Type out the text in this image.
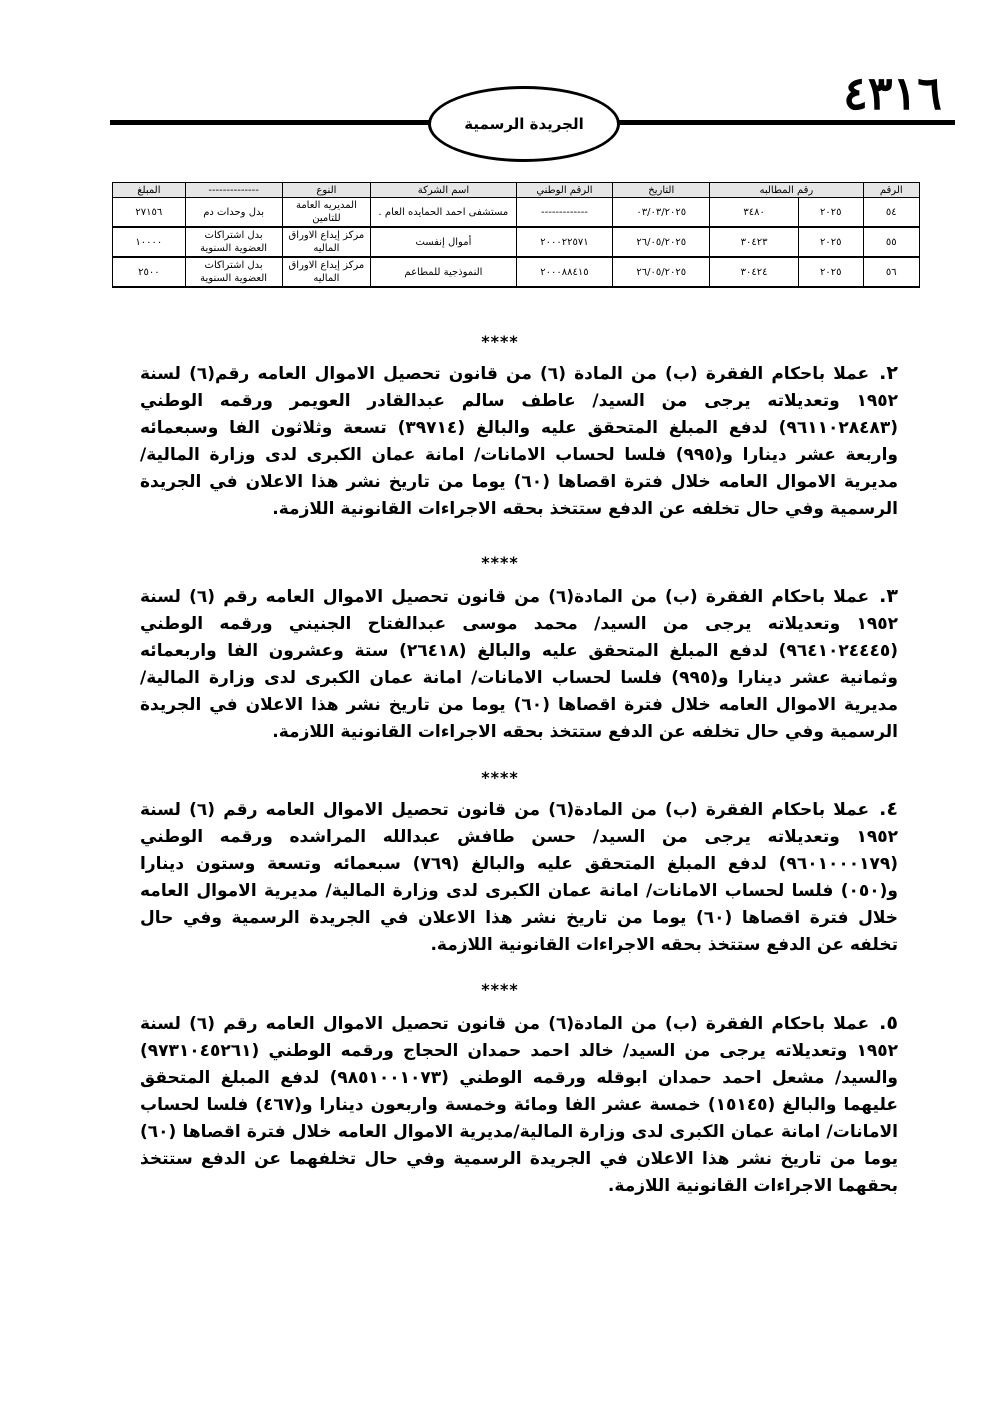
٤٣١٦
الجريدة الرسمية
الرقم	رقم المطالبه		التاريخ	الرقم الوطني	اسم الشركة	النوع	--------------	المبلغ
٥٤	٢٠٢٥	٣٤٨٠	٠٣/٠٣/٢٠٢٥	-------------	مستشفى احمد الحمايده العام .	المديريه العامة للتامين	بدل وحدات دم	٢٧١٥٦
٥٥	٢٠٢٥	٣٠٤٢٣	٢٦/٠٥/٢٠٢٥	٢٠٠٠٢٢٥٧١	أموال إنفست	مركز إيداع الاوراق الماليه	بدل اشتراكات العضوية السنوية	١٠٠٠٠
٥٦	٢٠٢٥	٣٠٤٢٤	٢٦/٠٥/٢٠٢٥	٢٠٠٠٨٨٤١٥	النموذجية للمطاعم	مركز إيداع الاوراق الماليه	بدل اشتراكات العضوية السنوية	٢٥٠٠
****
٢.عملا باحكام الفقرة (ب) من المادة (٦) من قانون تحصيل الاموال العامه رقم(٦) لسنة ١٩٥٢ وتعديلاته يرجى من السيد/ عاطف سالم عبدالقادر العويمر ورقمه الوطني (٩٦١١٠٢٨٤٨٣) لدفع المبلغ المتحقق عليه والبالغ (٣٩٧١٤) تسعة وثلاثون الفا وسبعمائه واربعة عشر دينارا و(٩٩٥) فلسا لحساب الامانات/ امانة عمان الكبرى لدى وزارة المالية/ مديرية الاموال العامه خلال فترة اقصاها (٦٠) يوما من تاريخ نشر هذا الاعلان في الجريدة الرسمية وفي حال تخلفه عن الدفع ستتخذ بحقه الاجراءات القانونية اللازمة.
****
٣.عملا باحكام الفقرة (ب) من المادة(٦) من قانون تحصيل الاموال العامه رقم (٦) لسنة ١٩٥٢ وتعديلاته يرجى من السيد/ محمد موسى عبدالفتاح الجنيني ورقمه الوطني (٩٦٤١٠٢٤٤٤٥) لدفع المبلغ المتحقق عليه والبالغ (٢٦٤١٨) ستة وعشرون الفا واربعمائه وثمانية عشر دينارا و(٩٩٥) فلسا لحساب الامانات/ امانة عمان الكبرى لدى وزارة المالية/ مديرية الاموال العامه خلال فترة اقصاها (٦٠) يوما من تاريخ نشر هذا الاعلان في الجريدة الرسمية وفي حال تخلفه عن الدفع ستتخذ بحقه الاجراءات القانونية اللازمة.
****
٤.عملا باحكام الفقرة (ب) من المادة(٦) من قانون تحصيل الاموال العامه رقم (٦) لسنة ١٩٥٢ وتعديلاته يرجى من السيد/ حسن طافش عبدالله المراشده ورقمه الوطني (٩٦٠١٠٠٠١٧٩) لدفع المبلغ المتحقق عليه والبالغ (٧٦٩) سبعمائه وتسعة وستون دينارا و(٠٥٠) فلسا لحساب الامانات/ امانة عمان الكبرى لدى وزارة المالية/ مديرية الاموال العامه خلال فترة اقصاها (٦٠) يوما من تاريخ نشر هذا الاعلان في الجريدة الرسمية وفي حال تخلفه عن الدفع ستتخذ بحقه الاجراءات القانونية اللازمة.
****
٥.عملا باحكام الفقرة (ب) من المادة(٦) من قانون تحصيل الاموال العامه رقم (٦) لسنة ١٩٥٢ وتعديلاته يرجى من السيد/ خالد احمد حمدان الحجاج ورقمه الوطني (٩٧٣١٠٤٥٢٦١) والسيد/ مشعل احمد حمدان ابوقله ورقمه الوطني (٩٨٥١٠٠١٠٧٣) لدفع المبلغ المتحقق عليهما والبالغ (١٥١٤٥) خمسة عشر الفا ومائة وخمسة واربعون دينارا و(٤٦٧) فلسا لحساب الامانات/ امانة عمان الكبرى لدى وزارة المالية/مديرية الاموال العامه خلال فترة اقصاها (٦٠) يوما من تاريخ نشر هذا الاعلان في الجريدة الرسمية وفي حال تخلفهما عن الدفع ستتخذ بحقهما الاجراءات القانونية اللازمة.
